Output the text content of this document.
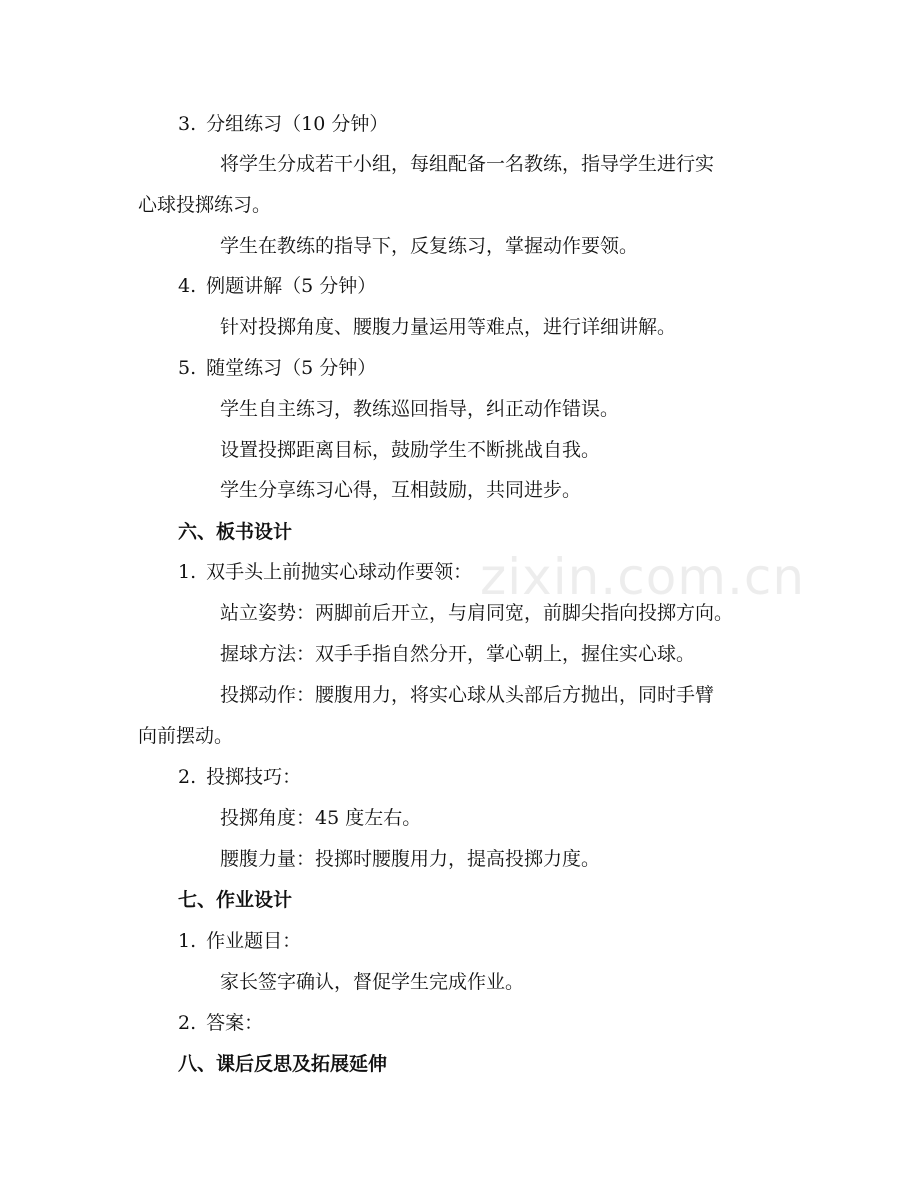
zixin.com.cn
3. 分组练习（10 分钟）
将学生分成若干小组，每组配备一名教练，指导学生进行实
心球投掷练习。
学生在教练的指导下，反复练习，掌握动作要领。
4. 例题讲解（5 分钟）
针对投掷角度、腰腹力量运用等难点，进行详细讲解。
5. 随堂练习（5 分钟）
学生自主练习，教练巡回指导，纠正动作错误。
设置投掷距离目标，鼓励学生不断挑战自我。
学生分享练习心得，互相鼓励，共同进步。
六、板书设计
1. 双手头上前抛实心球动作要领：
站立姿势：两脚前后开立，与肩同宽，前脚尖指向投掷方向。
握球方法：双手手指自然分开，掌心朝上，握住实心球。
投掷动作：腰腹用力，将实心球从头部后方抛出，同时手臂
向前摆动。
2. 投掷技巧：
投掷角度：45 度左右。
腰腹力量：投掷时腰腹用力，提高投掷力度。
七、作业设计
1. 作业题目：
家长签字确认，督促学生完成作业。
2. 答案：
八、课后反思及拓展延伸
